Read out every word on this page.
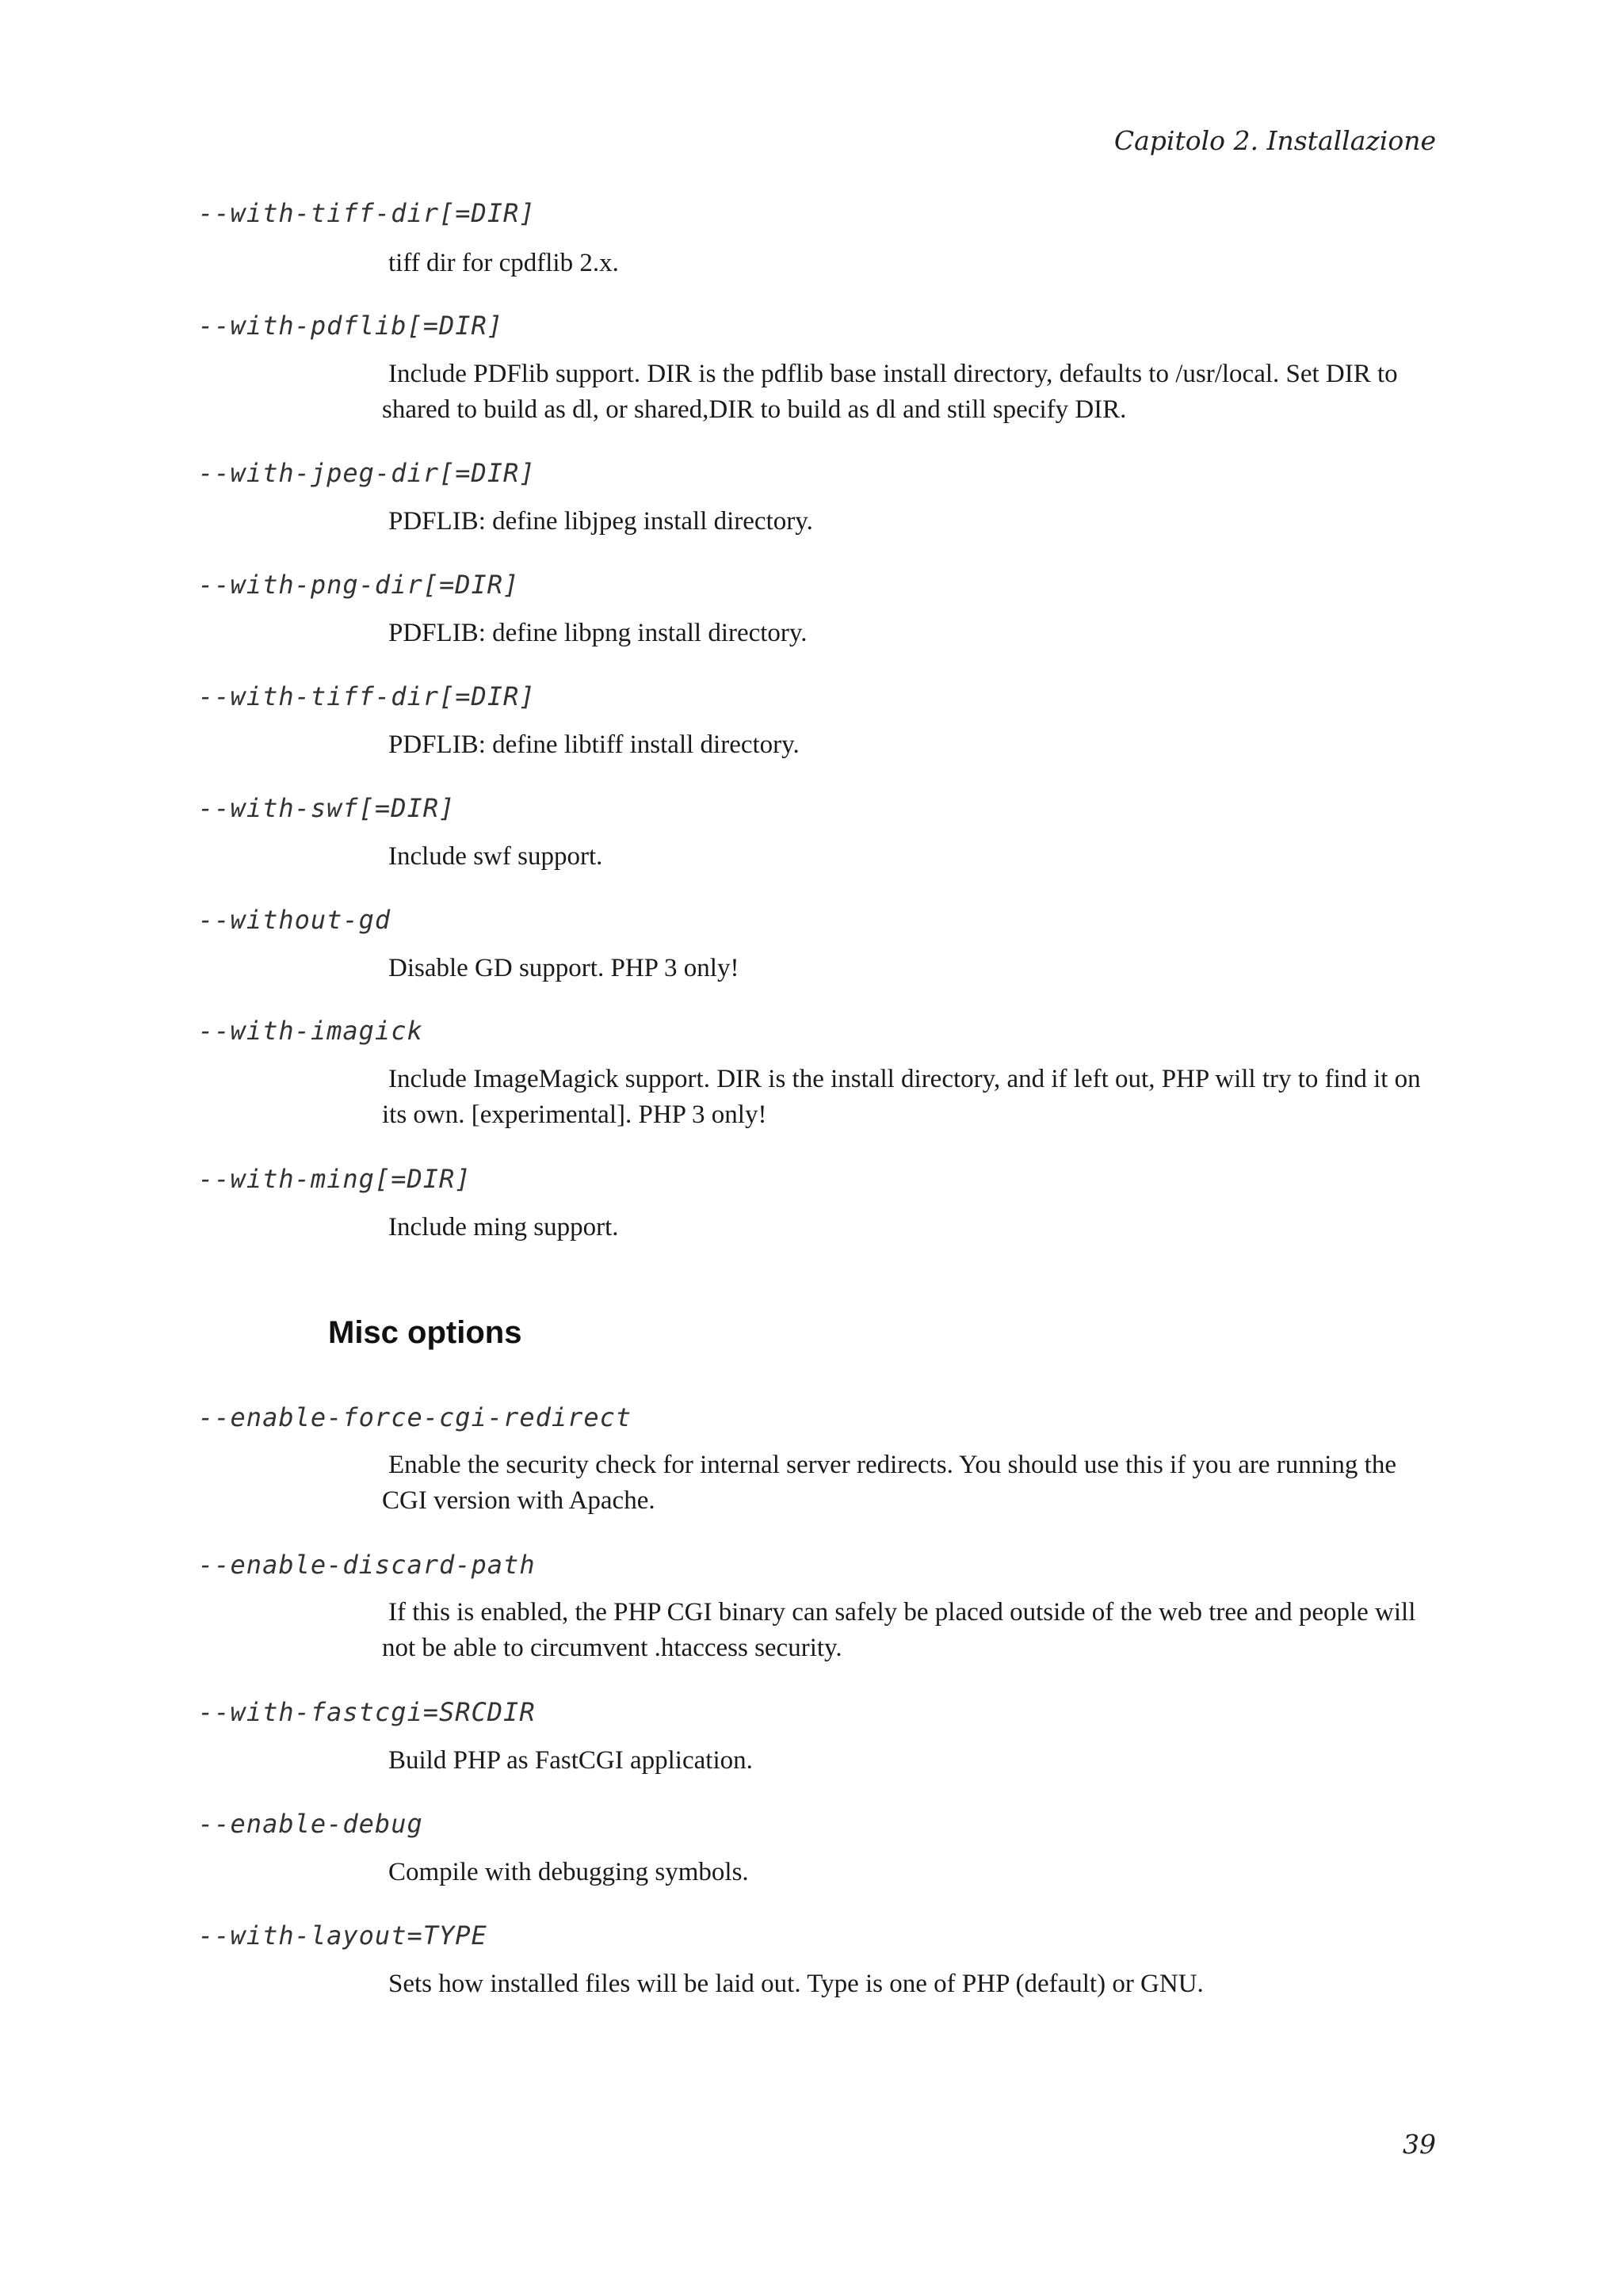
Capitolo 2. Installazione
--with-tiff-dir[=DIR]
tiff dir for cpdflib 2.x.
--with-pdflib[=DIR]
Include PDFlib support. DIR is the pdflib base install directory, defaults to /usr/local. Set DIR to shared to build as dl, or shared,DIR to build as dl and still specify DIR.
--with-jpeg-dir[=DIR]
PDFLIB: define libjpeg install directory.
--with-png-dir[=DIR]
PDFLIB: define libpng install directory.
--with-tiff-dir[=DIR]
PDFLIB: define libtiff install directory.
--with-swf[=DIR]
Include swf support.
--without-gd
Disable GD support. PHP 3 only!
--with-imagick
Include ImageMagick support. DIR is the install directory, and if left out, PHP will try to find it on its own. [experimental]. PHP 3 only!
--with-ming[=DIR]
Include ming support.
Misc options
--enable-force-cgi-redirect
Enable the security check for internal server redirects. You should use this if you are running the CGI version with Apache.
--enable-discard-path
If this is enabled, the PHP CGI binary can safely be placed outside of the web tree and people will not be able to circumvent .htaccess security.
--with-fastcgi=SRCDIR
Build PHP as FastCGI application.
--enable-debug
Compile with debugging symbols.
--with-layout=TYPE
Sets how installed files will be laid out. Type is one of PHP (default) or GNU.
39
